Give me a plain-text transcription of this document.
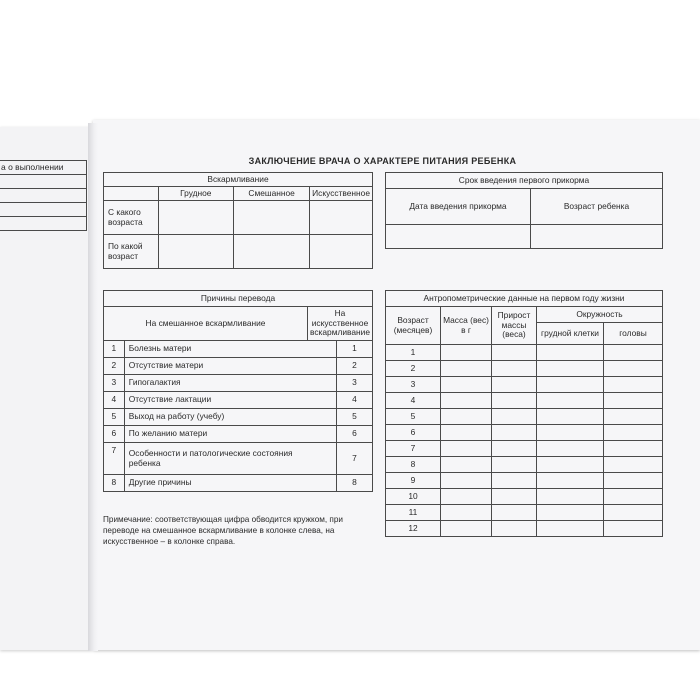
а о выполнении

ЗАКЛЮЧЕНИЕ ВРАЧА О ХАРАКТЕРЕ ПИТАНИЯ РЕБЕНКА
Вскармливание			
	Грудное	Смешанное	Искусственное
С какого возраста			
По какой возраст			
Срок введения первого прикорма	
Дата введения прикорма	Возраст ребенка

Причины перевода			
На смешанное вскармливание		На искусственное вскармливание	
1	Болезнь матери		1
2	Отсутствие матери		2
3	Гипогалактия		3
4	Отсутствие лактации		4
5	Выход на работу (учебу)		5
6	По желанию матери		6
7	Особенности и патологические состояния ребенка		7
8	Другие причины		8
Антропометрические данные на первом году жизни				
Возраст (месяцев)	Масса (вес) в г	Прирост массы (веса)	Окружность	
			грудной клетки	головы
1				
2				
3				
4				
5				
6				
7				
8				
9				
10				
11				
12				
Примечание: соответствующая цифра обводится кружком, при переводе на смешанное вскармливание в колонке слева, на искусственное – в колонке справа.
